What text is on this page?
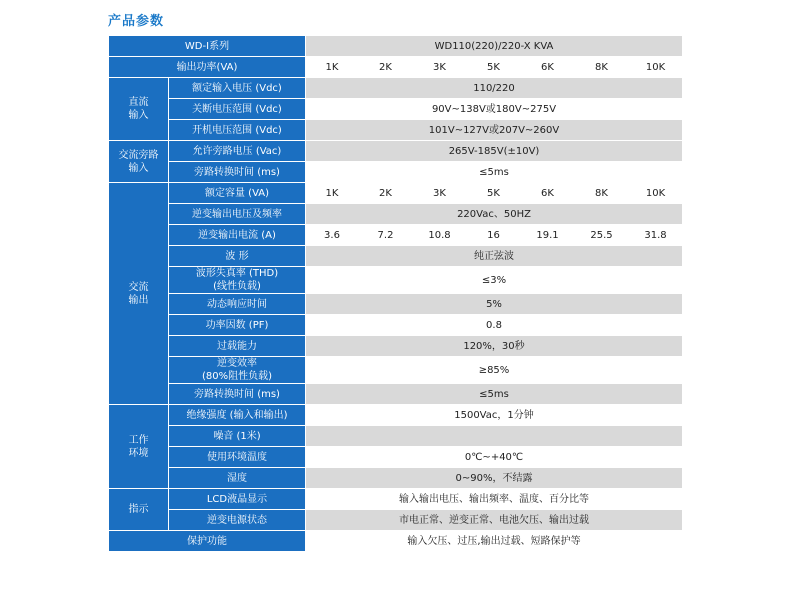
产品参数
WD-I系列		WD110(220)/220-X KVA						
输出功率(VA)		1K	2K	3K	5K	6K	8K	10K
直流
输入	额定输入电压 (Vdc)	110/220						
	关断电压范围 (Vdc)	90V~138V或180V~275V						
	开机电压范围 (Vdc)	101V~127V或207V~260V						
交流旁路
输入	允许旁路电压 (Vac)	265V-185V(±10V)						
	旁路转换时间 (ms)	≤5ms						
交流
输出	额定容量 (VA)	1K	2K	3K	5K	6K	8K	10K
	逆变输出电压及频率	220Vac、50HZ						
	逆变输出电流 (A)	3.6	7.2	10.8	16	19.1	25.5	31.8
	波 形	纯正弦波						
	波形失真率 (THD)
(线性负载)	≤3%						
	动态响应时间	5%						
	功率因数 (PF)	0.8						
	过载能力	120%，30秒						
	逆变效率
(80%阻性负载)	≥85%						
	旁路转换时间 (ms)	≤5ms						
工作
环境	绝缘强度 (输入和输出)	1500Vac，1分钟						
	噪音 (1米)							
	使用环境温度	0℃~+40℃						
	湿度	0~90%，不结露						
指示	LCD液晶显示	输入输出电压、输出频率、温度、百分比等						
	逆变电源状态	市电正常、逆变正常、电池欠压、输出过载						
保护功能		输入欠压、过压,输出过载、短路保护等						
